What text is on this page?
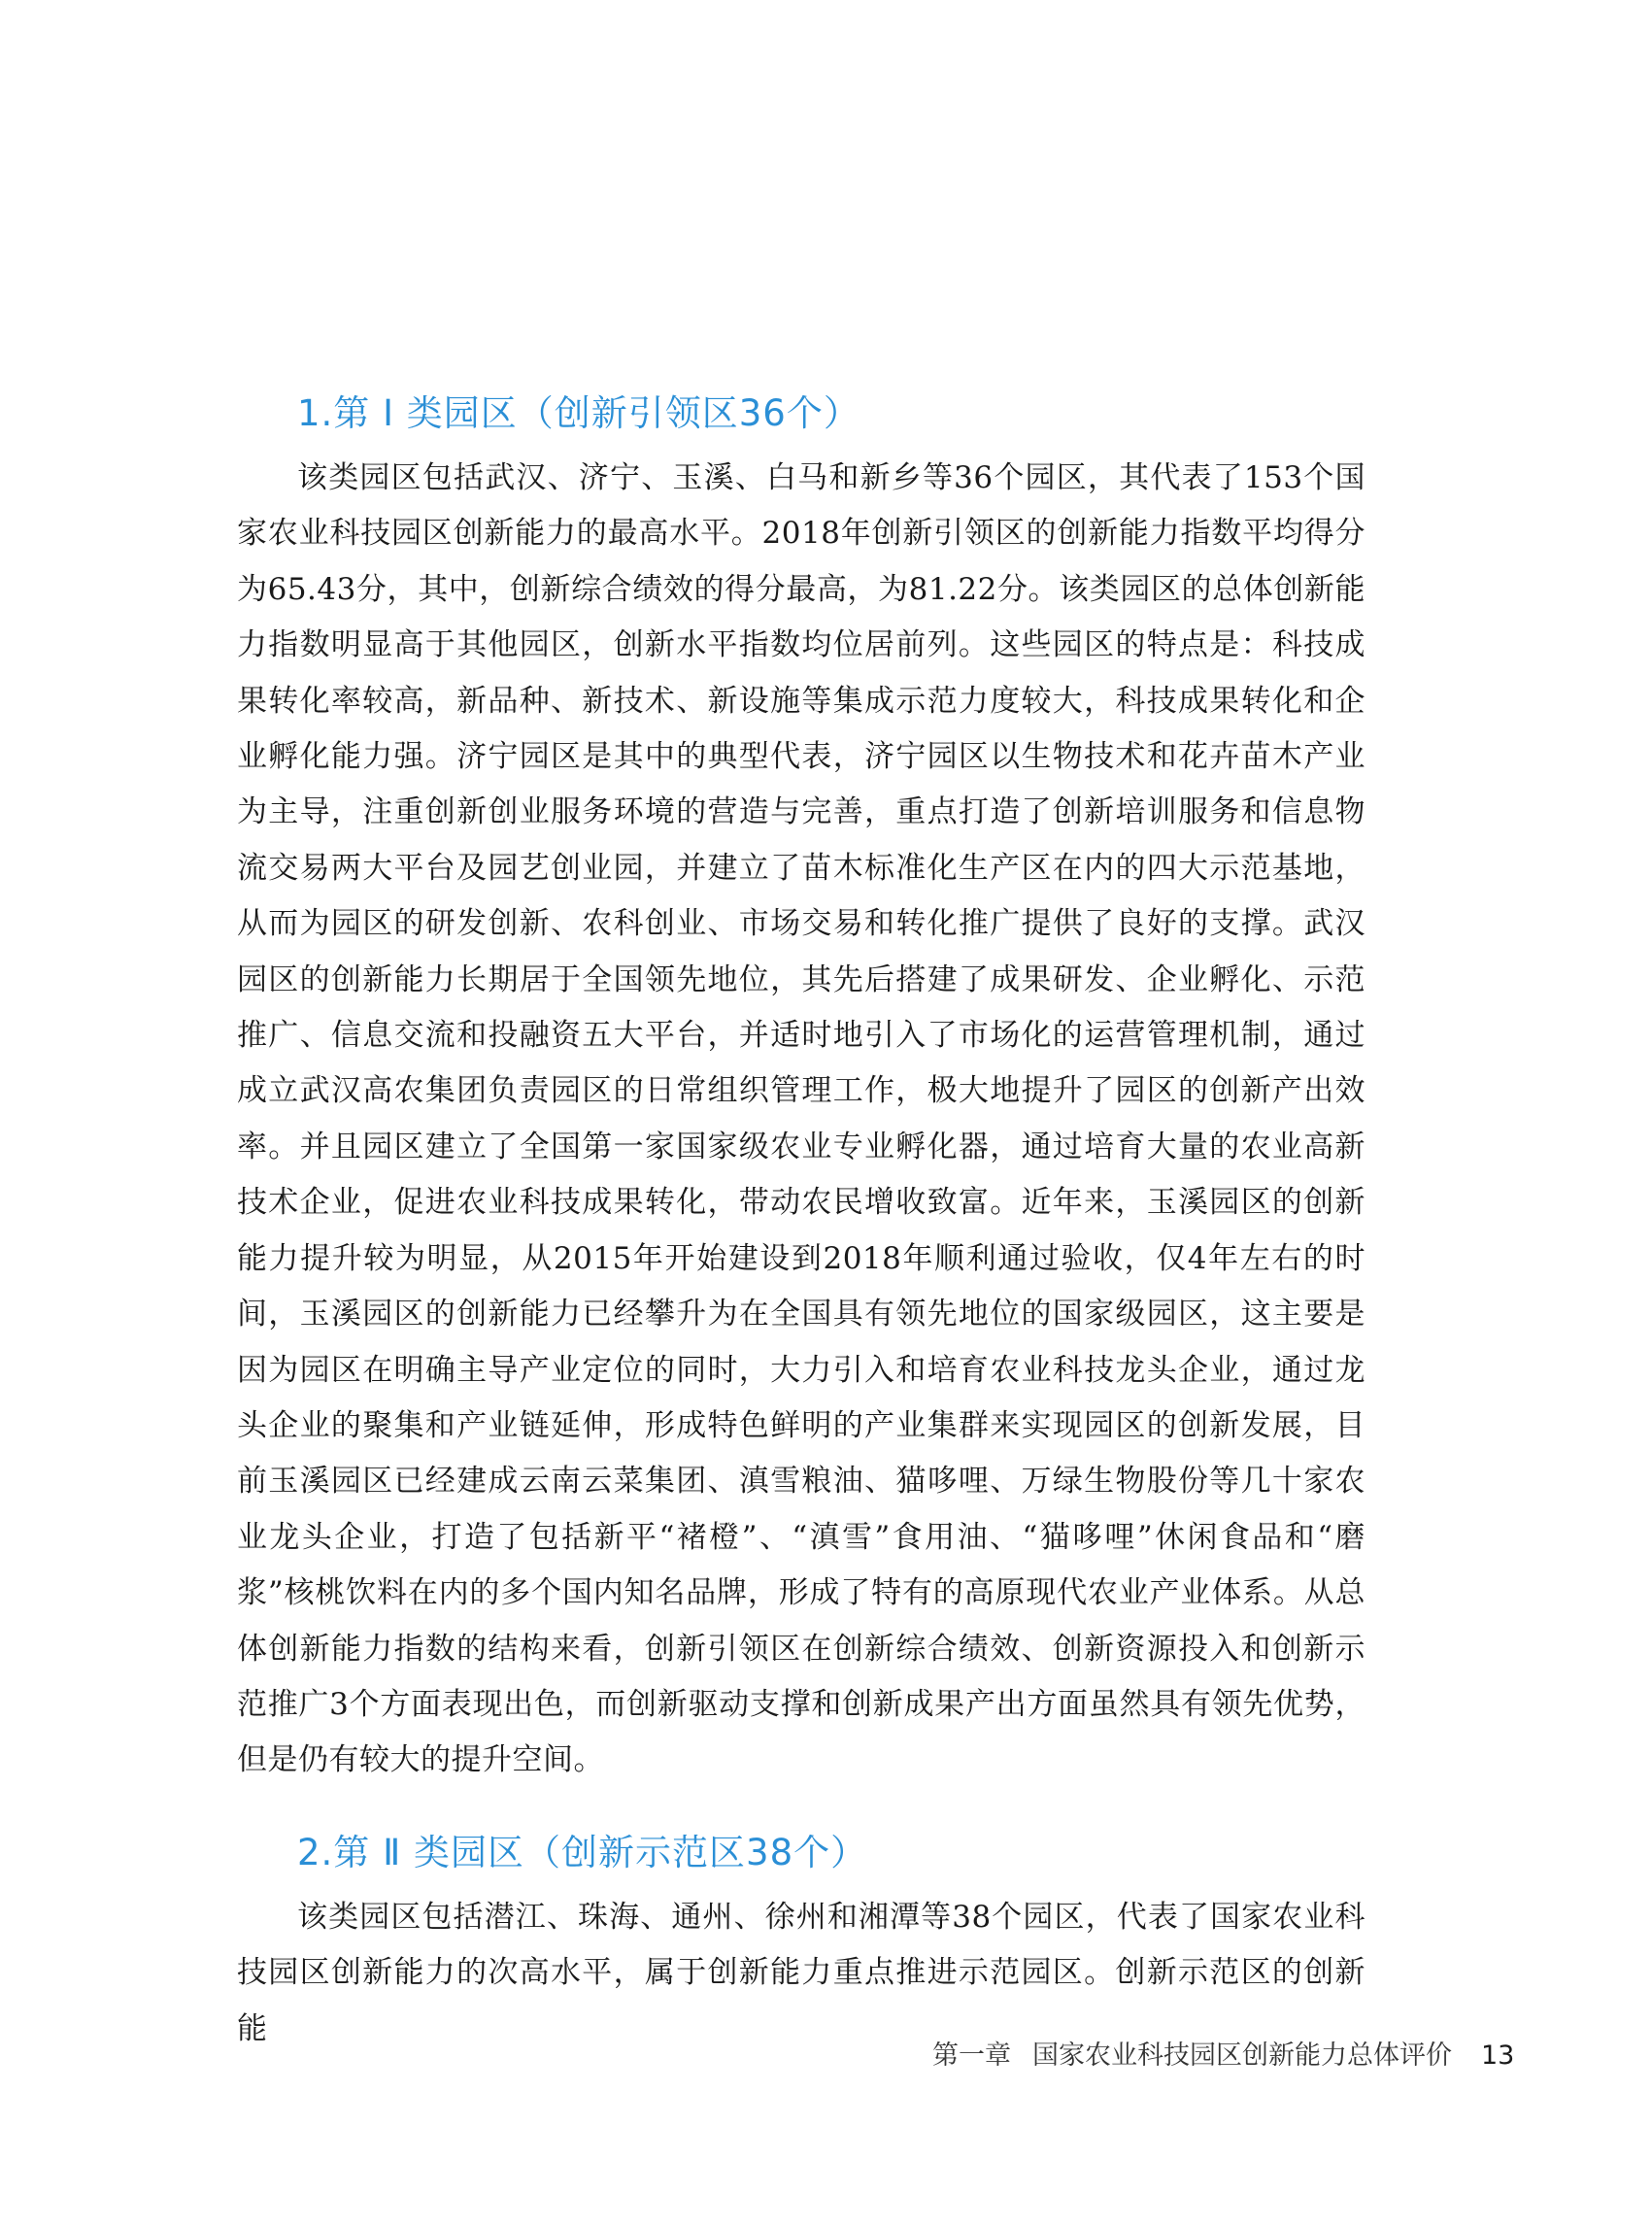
1.第 Ⅰ 类园区（创新引领区36个）

该类园区包括武汉、济宁、玉溪、白马和新乡等36个园区，其代表了153个国家农业科技园区创新能力的最高水平。2018年创新引领区的创新能力指数平均得分为65.43分，其中，创新综合绩效的得分最高，为81.22分。该类园区的总体创新能力指数明显高于其他园区，创新水平指数均位居前列。这些园区的特点是：科技成果转化率较高，新品种、新技术、新设施等集成示范力度较大，科技成果转化和企业孵化能力强。济宁园区是其中的典型代表，济宁园区以生物技术和花卉苗木产业为主导，注重创新创业服务环境的营造与完善，重点打造了创新培训服务和信息物流交易两大平台及园艺创业园，并建立了苗木标准化生产区在内的四大示范基地，从而为园区的研发创新、农科创业、市场交易和转化推广提供了良好的支撑。武汉园区的创新能力长期居于全国领先地位，其先后搭建了成果研发、企业孵化、示范推广、信息交流和投融资五大平台，并适时地引入了市场化的运营管理机制，通过成立武汉高农集团负责园区的日常组织管理工作，极大地提升了园区的创新产出效率。并且园区建立了全国第一家国家级农业专业孵化器，通过培育大量的农业高新技术企业，促进农业科技成果转化，带动农民增收致富。近年来，玉溪园区的创新能力提升较为明显，从2015年开始建设到2018年顺利通过验收，仅4年左右的时间，玉溪园区的创新能力已经攀升为在全国具有领先地位的国家级园区，这主要是因为园区在明确主导产业定位的同时，大力引入和培育农业科技龙头企业，通过龙头企业的聚集和产业链延伸，形成特色鲜明的产业集群来实现园区的创新发展，目前玉溪园区已经建成云南云菜集团、滇雪粮油、猫哆哩、万绿生物股份等几十家农业龙头企业，打造了包括新平“褚橙”、“滇雪”食用油、“猫哆哩”休闲食品和“磨浆”核桃饮料在内的多个国内知名品牌，形成了特有的高原现代农业产业体系。从总体创新能力指数的结构来看，创新引领区在创新综合绩效、创新资源投入和创新示范推广3个方面表现出色，而创新驱动支撑和创新成果产出方面虽然具有领先优势，但是仍有较大的提升空间。

2.第 Ⅱ 类园区（创新示范区38个）

该类园区包括潜江、珠海、通州、徐州和湘潭等38个园区，代表了国家农业科技园区创新能力的次高水平，属于创新能力重点推进示范园区。创新示范区的创新能

第一章 国家农业科技园区创新能力总体评价 13
